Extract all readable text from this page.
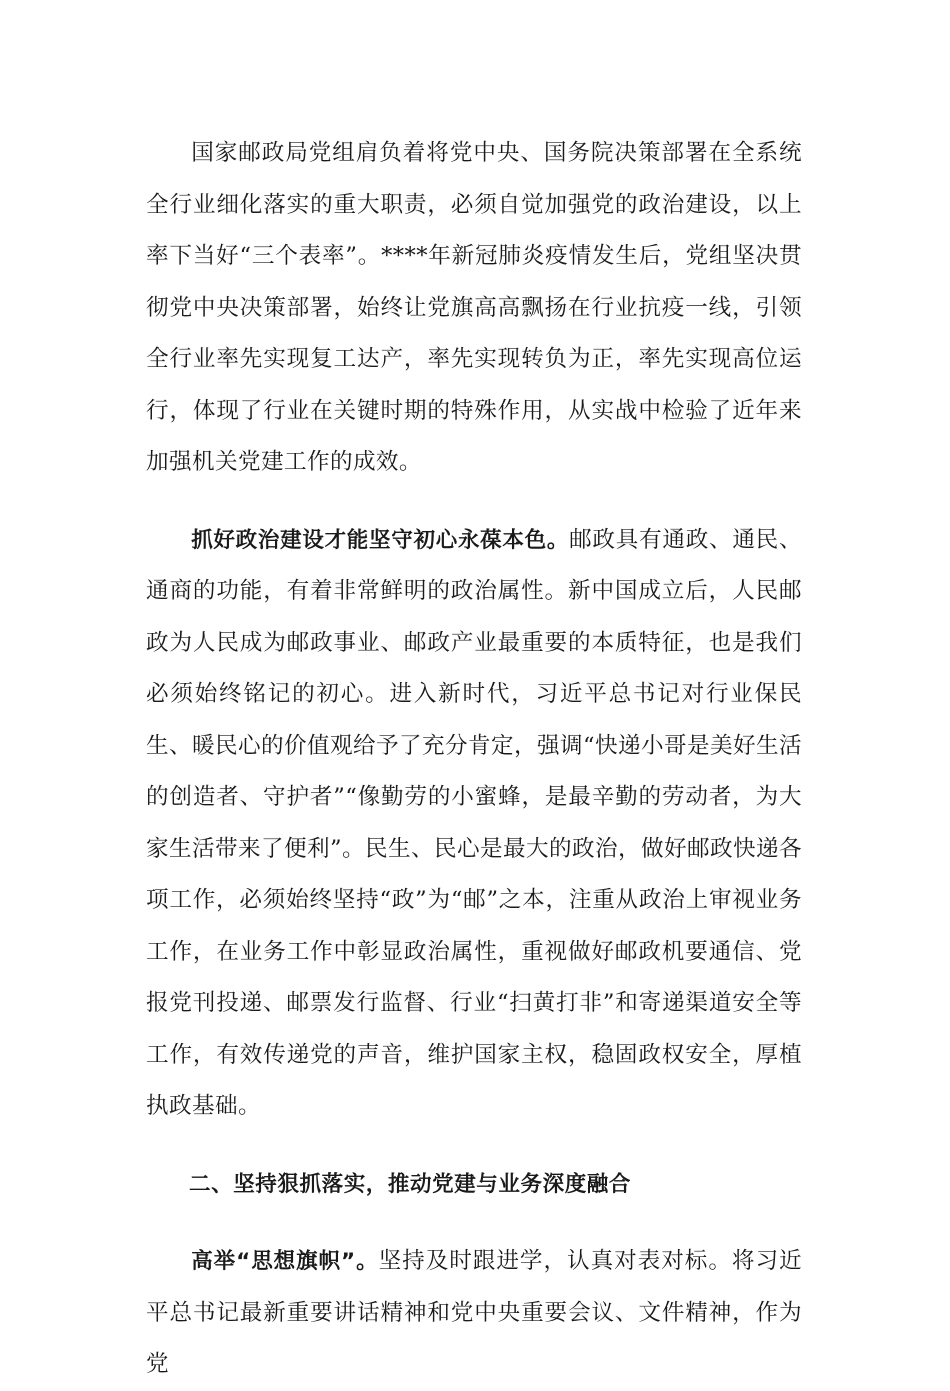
国家邮政局党组肩负着将党中央、国务院决策部署在全系统全行业细化落实的重大职责，必须自觉加强党的政治建设，以上率下当好“三个表率”。****年新冠肺炎疫情发生后，党组坚决贯彻党中央决策部署，始终让党旗高高飘扬在行业抗疫一线，引领全行业率先实现复工达产，率先实现转负为正，率先实现高位运行，体现了行业在关键时期的特殊作用，从实战中检验了近年来加强机关党建工作的成效。

抓好政治建设才能坚守初心永葆本色。邮政具有通政、通民、通商的功能，有着非常鲜明的政治属性。新中国成立后，人民邮政为人民成为邮政事业、邮政产业最重要的本质特征，也是我们必须始终铭记的初心。进入新时代，习近平总书记对行业保民生、暖民心的价值观给予了充分肯定，强调“快递小哥是美好生活的创造者、守护者”“像勤劳的小蜜蜂，是最辛勤的劳动者，为大家生活带来了便利”。民生、民心是最大的政治，做好邮政快递各项工作，必须始终坚持“政”为“邮”之本，注重从政治上审视业务工作，在业务工作中彰显政治属性，重视做好邮政机要通信、党报党刊投递、邮票发行监督、行业“扫黄打非”和寄递渠道安全等工作，有效传递党的声音，维护国家主权，稳固政权安全，厚植执政基础。

二、坚持狠抓落实，推动党建与业务深度融合

高举“思想旗帜”。坚持及时跟进学，认真对表对标。将习近平总书记最新重要讲话精神和党中央重要会议、文件精神，作为党
